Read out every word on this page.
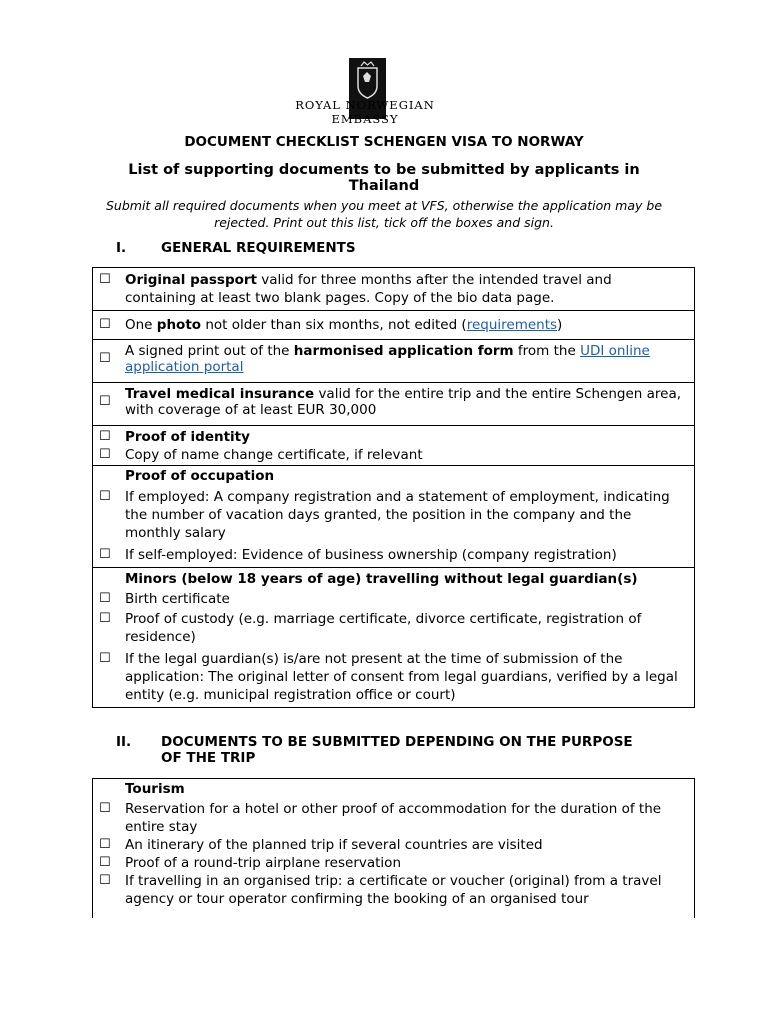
ROYAL NORWEGIAN EMBASSY
DOCUMENT CHECKLIST SCHENGEN VISA TO NORWAY
List of supporting documents to be submitted by applicants in Thailand
Submit all required documents when you meet at VFS, otherwise the application may be rejected. Print out this list, tick off the boxes and sign.
I.	GENERAL REQUIREMENTS
☐ Original passport valid for three months after the intended travel and containing at least two blank pages. Copy of the bio data page.

☐ One photo not older than six months, not edited (requirements)

☐ A signed print out of the harmonised application form from the UDI online application portal

☐ Travel medical insurance valid for the entire trip and the entire Schengen area, with coverage of at least EUR 30,000

☐ Proof of identity
☐ Copy of name change certificate, if relevant

Proof of occupation
☐ If employed: A company registration and a statement of employment, indicating the number of vacation days granted, the position in the company and the monthly salary
☐ If self-employed: Evidence of business ownership (company registration)

Minors (below 18 years of age) travelling without legal guardian(s)
☐ Birth certificate
☐ Proof of custody (e.g. marriage certificate, divorce certificate, registration of residence)
☐ If the legal guardian(s) is/are not present at the time of submission of the application: The original letter of consent from legal guardians, verified by a legal entity (e.g. municipal registration office or court)
II. DOCUMENTS TO BE SUBMITTED DEPENDING ON THE PURPOSE OF THE TRIP
Tourism
☐ Reservation for a hotel or other proof of accommodation for the duration of the entire stay
☐ An itinerary of the planned trip if several countries are visited
☐ Proof of a round-trip airplane reservation
☐ If travelling in an organised trip: a certificate or voucher (original) from a travel agency or tour operator confirming the booking of an organised tour
